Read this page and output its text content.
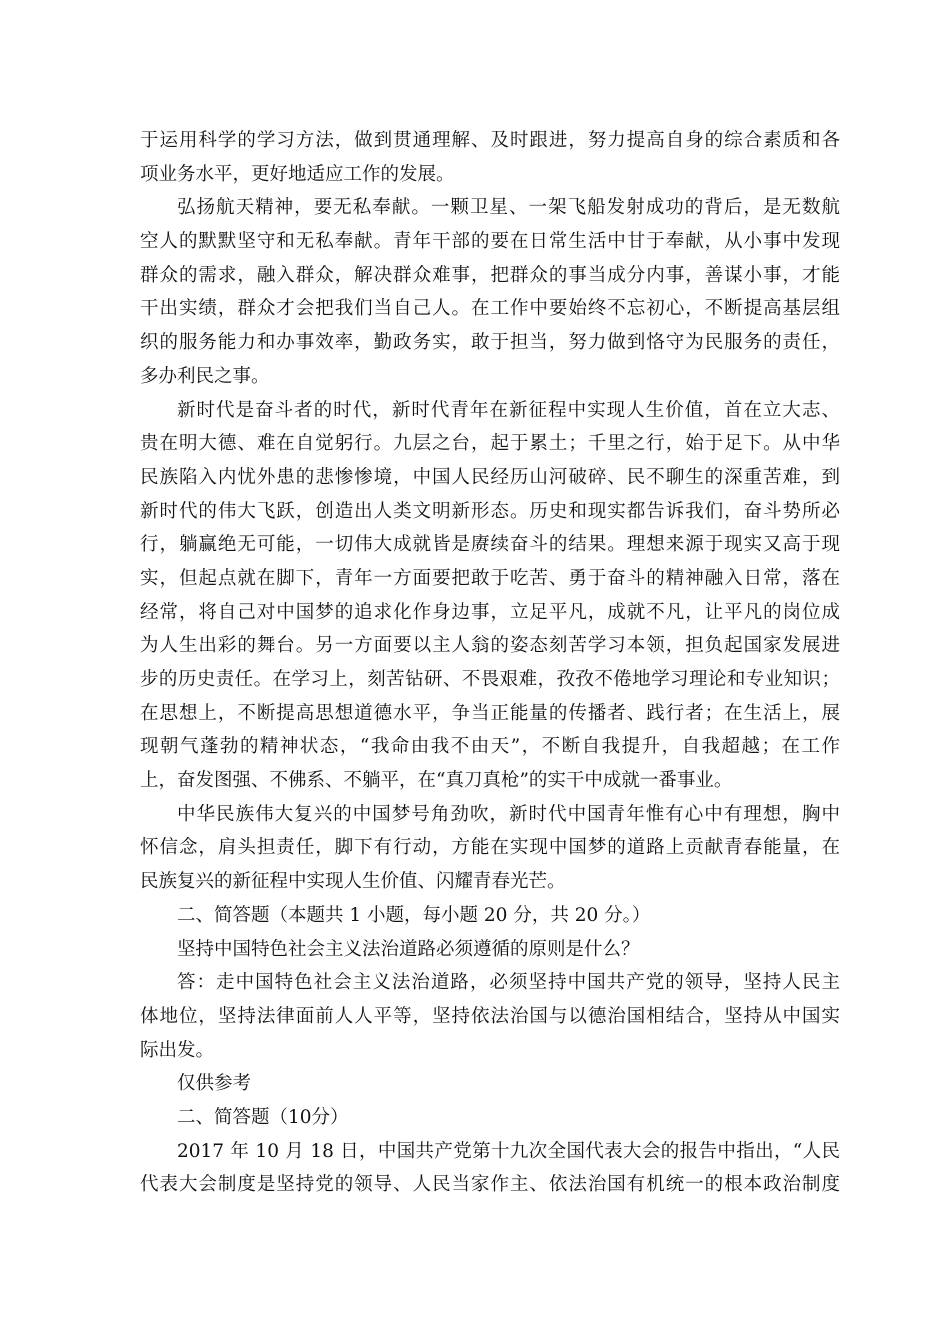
于运用科学的学习方法，做到贯通理解、及时跟进，努力提高自身的综合素质和各
项业务水平，更好地适应工作的发展。
弘扬航天精神，要无私奉献。一颗卫星、一架飞船发射成功的背后，是无数航
空人的默默坚守和无私奉献。青年干部的要在日常生活中甘于奉献，从小事中发现
群众的需求，融入群众，解决群众难事，把群众的事当成分内事，善谋小事，才能
干出实绩，群众才会把我们当自己人。在工作中要始终不忘初心，不断提高基层组
织的服务能力和办事效率，勤政务实，敢于担当，努力做到恪守为民服务的责任，
多办利民之事。
新时代是奋斗者的时代，新时代青年在新征程中实现人生价值，首在立大志、
贵在明大德、难在自觉躬行。九层之台，起于累土；千里之行，始于足下。从中华
民族陷入内忧外患的悲惨惨境，中国人民经历山河破碎、民不聊生的深重苦难，到
新时代的伟大飞跃，创造出人类文明新形态。历史和现实都告诉我们，奋斗势所必
行，躺赢绝无可能，一切伟大成就皆是赓续奋斗的结果。理想来源于现实又高于现
实，但起点就在脚下，青年一方面要把敢于吃苦、勇于奋斗的精神融入日常，落在
经常，将自己对中国梦的追求化作身边事，立足平凡，成就不凡，让平凡的岗位成
为人生出彩的舞台。另一方面要以主人翁的姿态刻苦学习本领，担负起国家发展进
步的历史责任。在学习上，刻苦钻研、不畏艰难，孜孜不倦地学习理论和专业知识；
在思想上，不断提高思想道德水平，争当正能量的传播者、践行者；在生活上，展
现朝气蓬勃的精神状态，“我命由我不由天”，不断自我提升，自我超越；在工作
上，奋发图强、不佛系、不躺平，在“真刀真枪”的实干中成就一番事业。
中华民族伟大复兴的中国梦号角劲吹，新时代中国青年惟有心中有理想，胸中
怀信念，肩头担责任，脚下有行动，方能在实现中国梦的道路上贡献青春能量，在
民族复兴的新征程中实现人生价值、闪耀青春光芒。
二、简答题（本题共 1 小题，每小题 20 分，共 20 分。）
坚持中国特色社会主义法治道路必须遵循的原则是什么？
答：走中国特色社会主义法治道路，必须坚持中国共产党的领导，坚持人民主
体地位，坚持法律面前人人平等，坚持依法治国与以德治国相结合，坚持从中国实
际出发。
仅供参考
二、简答题（10分）
2017 年 10 月 18 日，中国共产党第十九次全国代表大会的报告中指出，“人民
代表大会制度是坚持党的领导、人民当家作主、依法治国有机统一的根本政治制度
